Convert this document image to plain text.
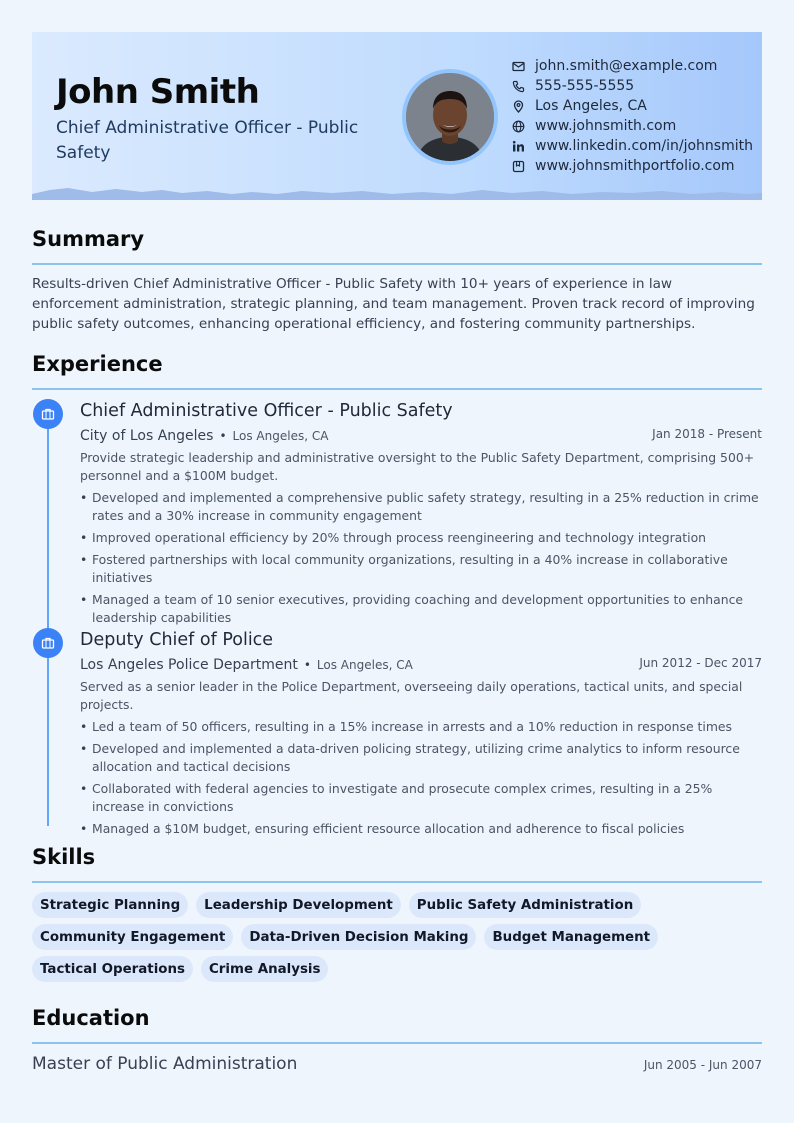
John Smith
Chief Administrative Officer - Public Safety
john.smith@example.com
555-555-5555
Los Angeles, CA
www.johnsmith.com
www.linkedin.com/in/johnsmith
www.johnsmithportfolio.com
Summary
Results-driven Chief Administrative Officer - Public Safety with 10+ years of experience in law enforcement administration, strategic planning, and team management. Proven track record of improving public safety outcomes, enhancing operational efficiency, and fostering community partnerships.
Experience
Chief Administrative Officer - Public Safety
City of Los Angeles • Los Angeles, CA	Jan 2018 - Present
Provide strategic leadership and administrative oversight to the Public Safety Department, comprising 500+ personnel and a $100M budget.
• Developed and implemented a comprehensive public safety strategy, resulting in a 25% reduction in crime rates and a 30% increase in community engagement
• Improved operational efficiency by 20% through process reengineering and technology integration
• Fostered partnerships with local community organizations, resulting in a 40% increase in collaborative initiatives
• Managed a team of 10 senior executives, providing coaching and development opportunities to enhance leadership capabilities
Deputy Chief of Police
Los Angeles Police Department • Los Angeles, CA	Jun 2012 - Dec 2017
Served as a senior leader in the Police Department, overseeing daily operations, tactical units, and special projects.
• Led a team of 50 officers, resulting in a 15% increase in arrests and a 10% reduction in response times
• Developed and implemented a data-driven policing strategy, utilizing crime analytics to inform resource allocation and tactical decisions
• Collaborated with federal agencies to investigate and prosecute complex crimes, resulting in a 25% increase in convictions
• Managed a $10M budget, ensuring efficient resource allocation and adherence to fiscal policies
Skills
Strategic Planning	Leadership Development	Public Safety Administration
Community Engagement	Data-Driven Decision Making	Budget Management
Tactical Operations	Crime Analysis
Education
Master of Public Administration	Jun 2005 - Jun 2007
